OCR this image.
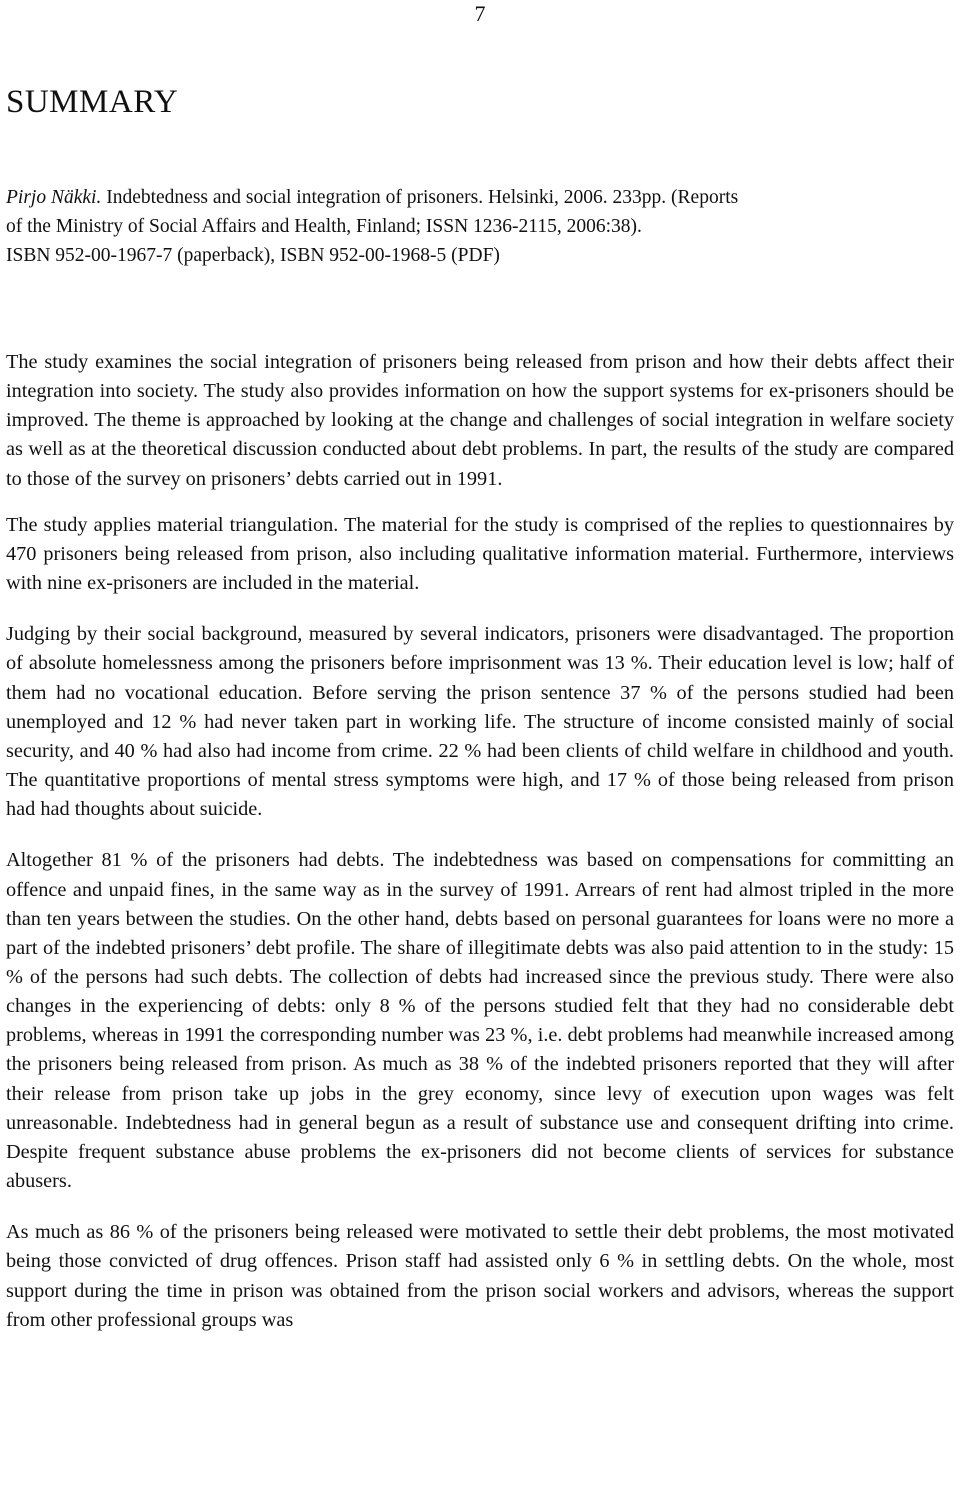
7
SUMMARY
Pirjo Näkki. Indebtedness and social integration of prisoners. Helsinki, 2006. 233pp. (Reports
of the Ministry of Social Affairs and Health, Finland; ISSN 1236-2115, 2006:38).
ISBN 952-00-1967-7 (paperback), ISBN 952-00-1968-5 (PDF)

The study examines the social integration of prisoners being released from prison and how their debts affect their integration into society. The study also provides information on how the support systems for ex-prisoners should be improved. The theme is approached by looking at the change and challenges of social integration in welfare society as well as at the theoretical discussion conducted about debt problems. In part, the results of the study are compared to those of the survey on prisoners’ debts carried out in 1991.

The study applies material triangulation. The material for the study is comprised of the replies to questionnaires by 470 prisoners being released from prison, also including qualitative information material. Furthermore, interviews with nine ex-prisoners are included in the material.

Judging by their social background, measured by several indicators, prisoners were disadvantaged. The proportion of absolute homelessness among the prisoners before imprisonment was 13 %. Their education level is low; half of them had no vocational education. Before serving the prison sentence 37 % of the persons studied had been unemployed and 12 % had never taken part in working life. The structure of income consisted mainly of social security, and 40 % had also had income from crime. 22 % had been clients of child welfare in childhood and youth. The quantitative proportions of mental stress symptoms were high, and 17 % of those being released from prison had had thoughts about suicide.

Altogether 81 % of the prisoners had debts. The indebtedness was based on compensations for committing an offence and unpaid fines, in the same way as in the survey of 1991. Arrears of rent had almost tripled in the more than ten years between the studies. On the other hand, debts based on personal guarantees for loans were no more a part of the indebted prisoners’ debt profile. The share of illegitimate debts was also paid attention to in the study: 15 % of the persons had such debts. The collection of debts had increased since the previous study. There were also changes in the experiencing of debts: only 8 % of the persons studied felt that they had no considerable debt problems, whereas in 1991 the corresponding number was 23 %, i.e. debt problems had meanwhile increased among the prisoners being released from prison. As much as 38 % of the indebted prisoners reported that they will after their release from prison take up jobs in the grey economy, since levy of execution upon wages was felt unreasonable. Indebtedness had in general begun as a result of substance use and consequent drifting into crime. Despite frequent substance abuse problems the ex-prisoners did not become clients of services for substance abusers.

As much as 86 % of the prisoners being released were motivated to settle their debt problems, the most motivated being those convicted of drug offences. Prison staff had assisted only 6 % in settling debts. On the whole, most support during the time in prison was obtained from the prison social workers and advisors, whereas the support from other professional groups was
